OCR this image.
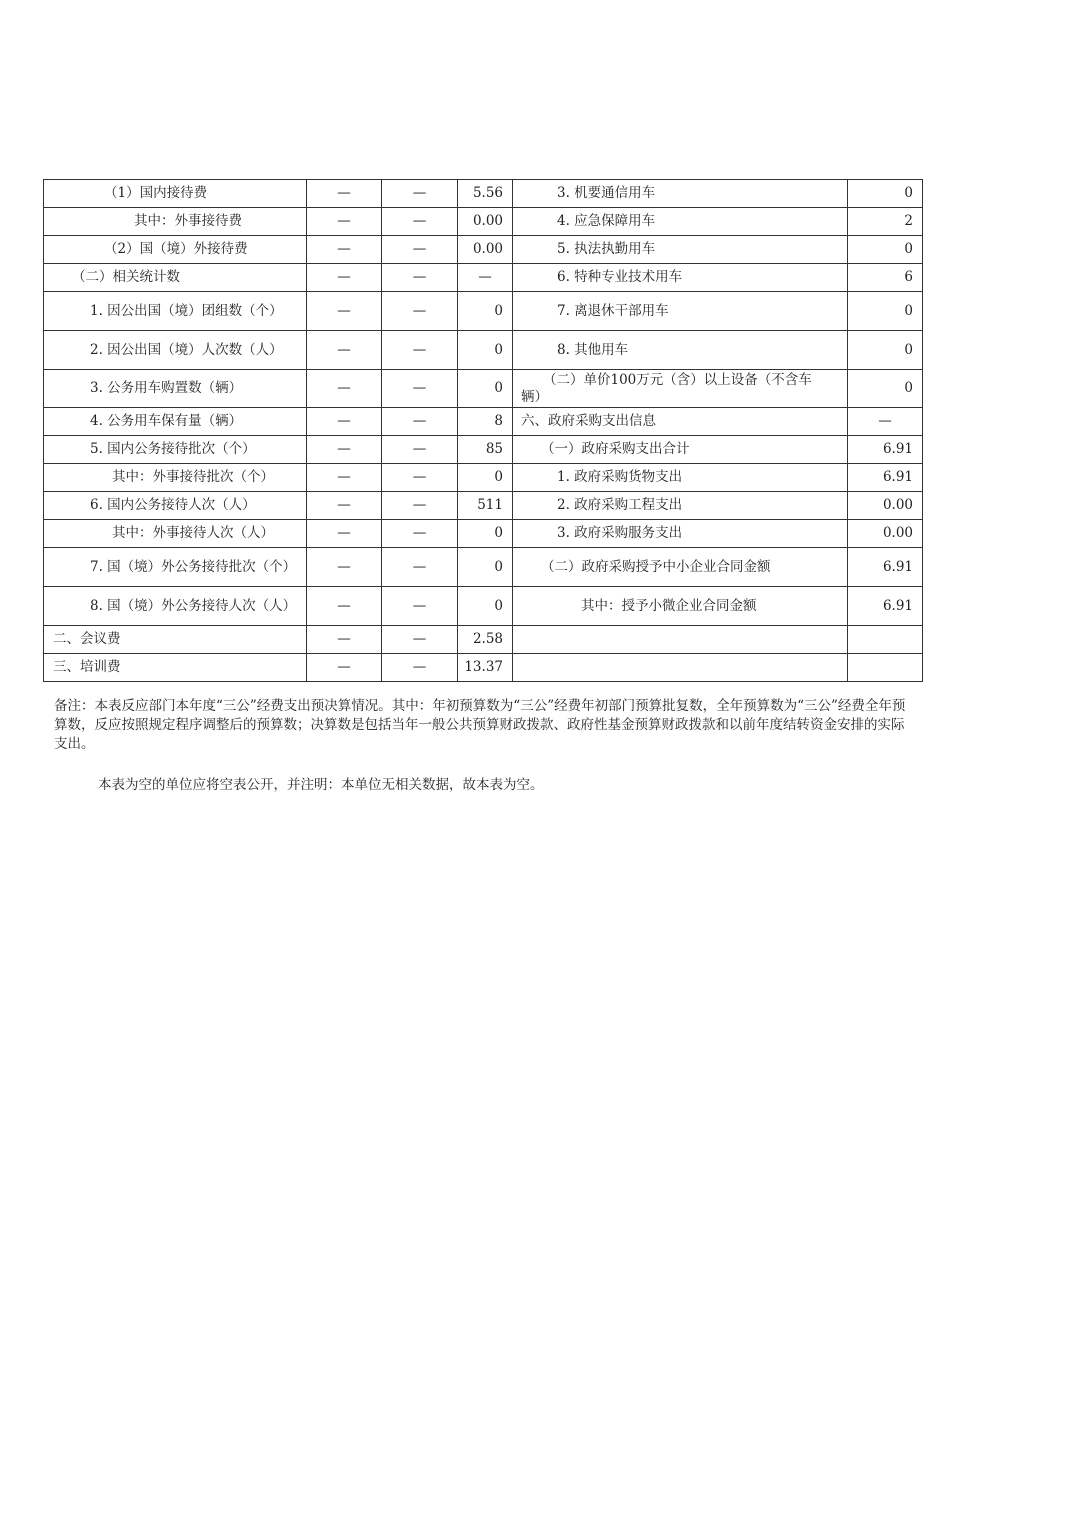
（1）国内接待费	—	—	5.56	3. 机要通信用车	0
其中：外事接待费	—	—	0.00	4. 应急保障用车	2
（2）国（境）外接待费	—	—	0.00	5. 执法执勤用车	0
（二）相关统计数	—	—	—	6. 特种专业技术用车	6
1. 因公出国（境）团组数（个）	—	—	0	7. 离退休干部用车	0
2. 因公出国（境）人次数（人）	—	—	0	8. 其他用车	0
3. 公务用车购置数（辆）	—	—	0	（二）单价100万元（含）以上设备（不含车辆）	0
4. 公务用车保有量（辆）	—	—	8	六、政府采购支出信息	—
5. 国内公务接待批次（个）	—	—	85	（一）政府采购支出合计	6.91
其中：外事接待批次（个）	—	—	0	1. 政府采购货物支出	6.91
6. 国内公务接待人次（人）	—	—	511	2. 政府采购工程支出	0.00
其中：外事接待人次（人）	—	—	0	3. 政府采购服务支出	0.00
7. 国（境）外公务接待批次（个）	—	—	0	（二）政府采购授予中小企业合同金额	6.91
8. 国（境）外公务接待人次（人）	—	—	0	其中：授予小微企业合同金额	6.91
二、会议费	—	—	2.58		
三、培训费	—	—	13.37		

备注：本表反应部门本年度“三公”经费支出预决算情况。其中：年初预算数为“三公”经费年初部门预算批复数，全年预算数为“三公”经费全年预算数，反应按照规定程序调整后的预算数；决算数是包括当年一般公共预算财政拨款、政府性基金预算财政拨款和以前年度结转资金安排的实际支出。

本表为空的单位应将空表公开，并注明：本单位无相关数据，故本表为空。
